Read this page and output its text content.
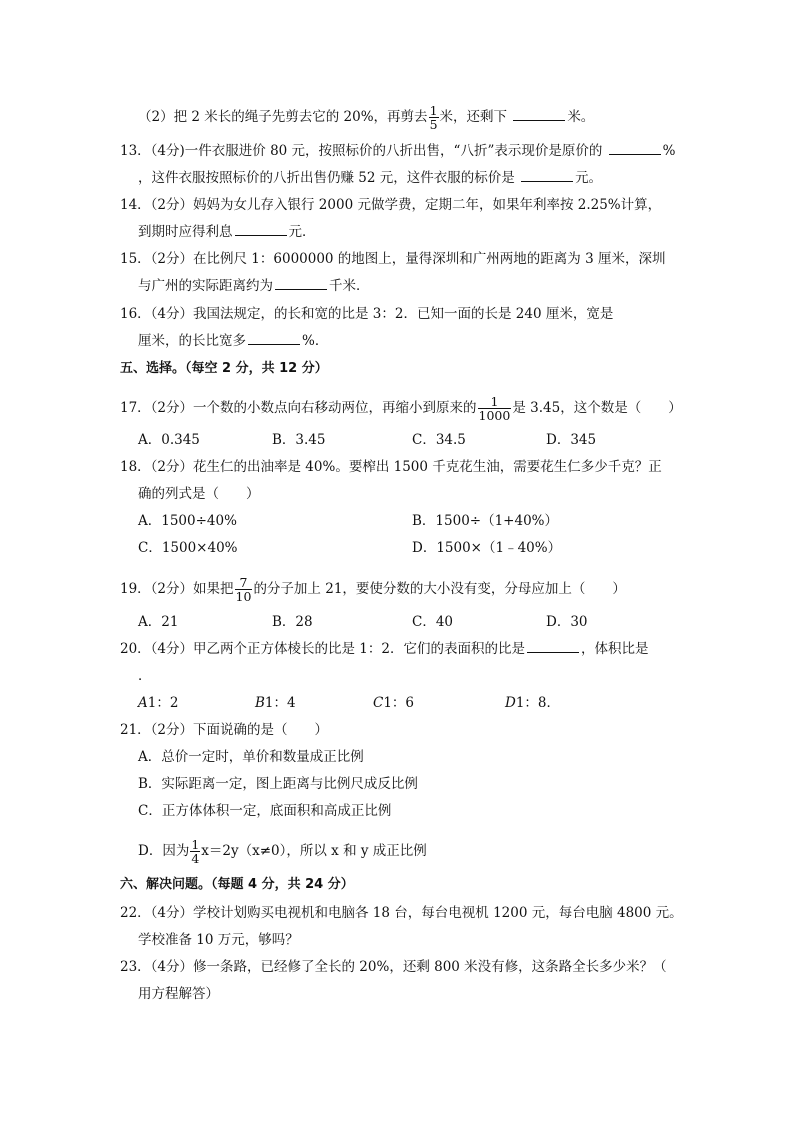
（2）把 2 米长的绳子先剪去它的 20%，再剪去 $\frac{1}{5}$ 米，还剩下	米。
13．（4分)一件衣服进价 80 元，按照标价的八折出售，“八折”表示现价是原价的	%
，这件衣服按照标价的八折出售仍赚 52 元，这件衣服的标价是	元。
14．（2分）妈妈为女儿存入银行 2000 元做学费，定期二年，如果年利率按 2.25%计算，
到期时应得利息	元．
15．（2分）在比例尺 1：6000000 的地图上，量得深圳和广州两地的距离为 3 厘米，深圳
与广州的实际距离约为	千米．
16．（4分）我国法规定，的长和宽的比是 3：2．已知一面的长是 240 厘米，宽是
厘米，的长比宽多	%．
五、选择。（每空 2 分，共 12 分）
17．（2分）一个数的小数点向右移动两位，再缩小到原来的 $\frac{1}{1000}$ 是 3.45，这个数是（　　）
A．0.345	B．3.45	C．34.5	D．345
18．（2分）花生仁的出油率是 40%。要榨出 1500 千克花生油，需要花生仁多少千克？正
确的列式是（　　）
A．1500÷40%	B．1500÷（1+40%）
C．1500×40%	D．1500×（1﹣40%）
19．（2分）如果把 $\frac{7}{10}$ 的分子加上 21，要使分数的大小没有变，分母应加上（　　）
A．21	B．28	C．40	D．30
20．（4分）甲乙两个正方体棱长的比是 1：2．它们的表面积的比是	，体积比是
．
A1：2	B1：4	C1：6	D1：8．
21．（2分）下面说确的是（　　）
A．总价一定时，单价和数量成正比例
B．实际距离一定，图上距离与比例尺成反比例
C．正方体体积一定，底面积和高成正比例
D．因为 $\frac{1}{4} x=2y(x\ne 0)$，所以 x 和 y 成正比例
六、解决问题。（每题 4 分，共 24 分）
22．（4分）学校计划购买电视机和电脑各 18 台，每台电视机 1200 元，每台电脑 4800 元。
学校准备 10 万元，够吗？
23．（4分）修一条路，已经修了全长的 20%，还剩 800 米没有修，这条路全长多少米？（
用方程解答）
